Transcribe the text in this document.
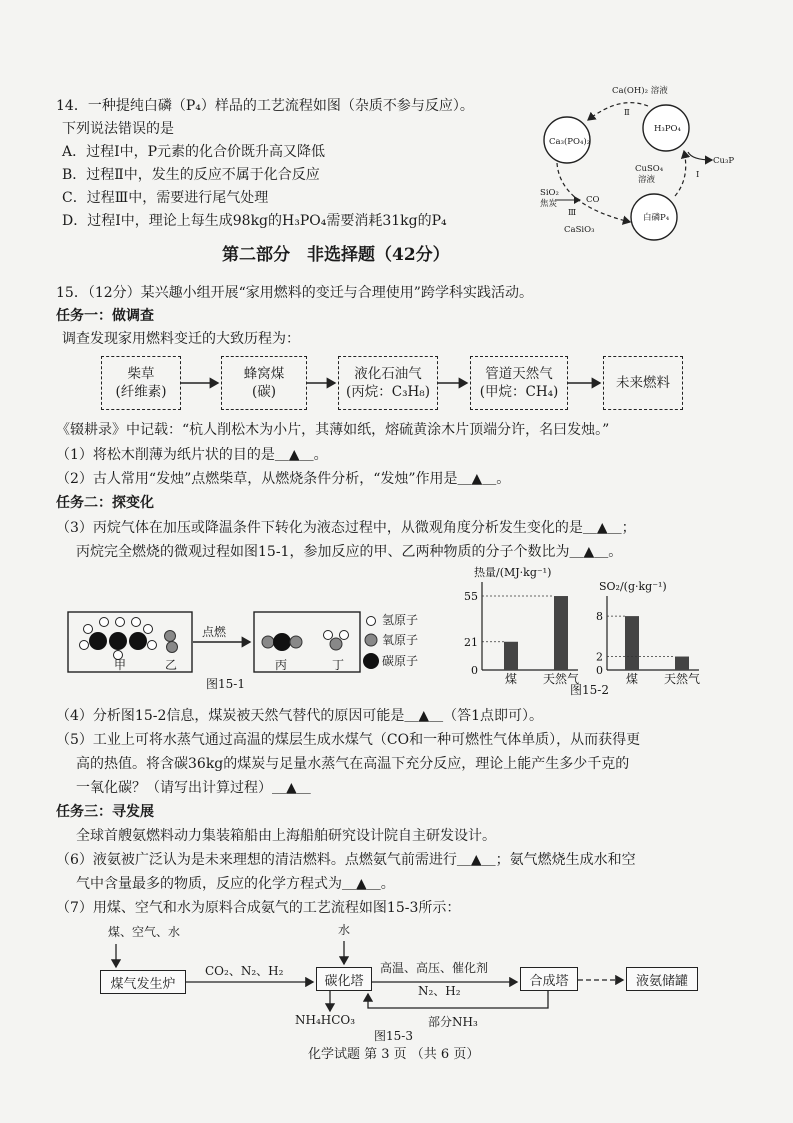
14．一种提纯白磷（P₄）样品的工艺流程如图（杂质不参与反应）。
下列说法错误的是
A．过程Ⅰ中，P元素的化合价既升高又降低
B．过程Ⅱ中，发生的反应不属于化合反应
C．过程Ⅲ中，需要进行尾气处理
D．过程Ⅰ中，理论上每生成98kg的H₃PO₄需要消耗31kg的P₄
Ca₃(PO₄)₂
H₃PO₄
白磷P₄
Ca(OH)₂ 溶液
Ⅱ
CuSO₄
溶液
Cu₃P
Ⅰ
SiO₂
焦炭
Ⅲ
CO
CaSiO₃
第二部分　非选择题（42分）
15．（12分）某兴趣小组开展“家用燃料的变迁与合理使用”跨学科实践活动。
任务一：做调查
调查发现家用燃料变迁的大致历程为：
柴草
(纤维素)
蜂窝煤
(碳)
液化石油气
(丙烷：C₃H₈)
管道天然气
(甲烷：CH₄)
未来燃料
《辍耕录》中记载：“杭人削松木为小片，其薄如纸，熔硫黄涂木片顶端分许，名曰发烛。”
（1）将松木削薄为纸片状的目的是＿▲＿。
（2）古人常用“发烛”点燃柴草，从燃烧条件分析，“发烛”作用是＿▲＿。
任务二：探变化
（3）丙烷气体在加压或降温条件下转化为液态过程中，从微观角度分析发生变化的是＿▲＿；
丙烷完全燃烧的微观过程如图15-1，参加反应的甲、乙两种物质的分子个数比为＿▲＿。
甲	乙	丙	丁
点燃
图15-1
氢原子
氧原子
碳原子
热量/(MJ·kg⁻¹)
煤 天然气
0
21
55
SO₂/(g·kg⁻¹)
煤 天然气
0
2
8
图15-2
（4）分析图15-2信息，煤炭被天然气替代的原因可能是＿▲＿（答1点即可）。
（5）工业上可将水蒸气通过高温的煤层生成水煤气（CO和一种可燃性气体单质），从而获得更
高的热值。将含碳36kg的煤炭与足量水蒸气在高温下充分反应，理论上能产生多少千克的
一氧化碳？（请写出计算过程）＿▲＿
任务三：寻发展
全球首艘氨燃料动力集装箱船由上海船舶研究设计院自主研发设计。
（6）液氨被广泛认为是未来理想的清洁燃料。点燃氨气前需进行＿▲＿；氨气燃烧生成水和空
气中含量最多的物质，反应的化学方程式为＿▲＿。
（7）用煤、空气和水为原料合成氨气的工艺流程如图15-3所示：
煤、空气、水
煤气发生炉
CO₂、N₂、H₂
水
碳化塔
高温、高压、催化剂
N₂、H₂
合成塔	液氨储罐
NH₄HCO₃	部分NH₃
图15-3
化学试题 第 3 页 （共 6 页）
